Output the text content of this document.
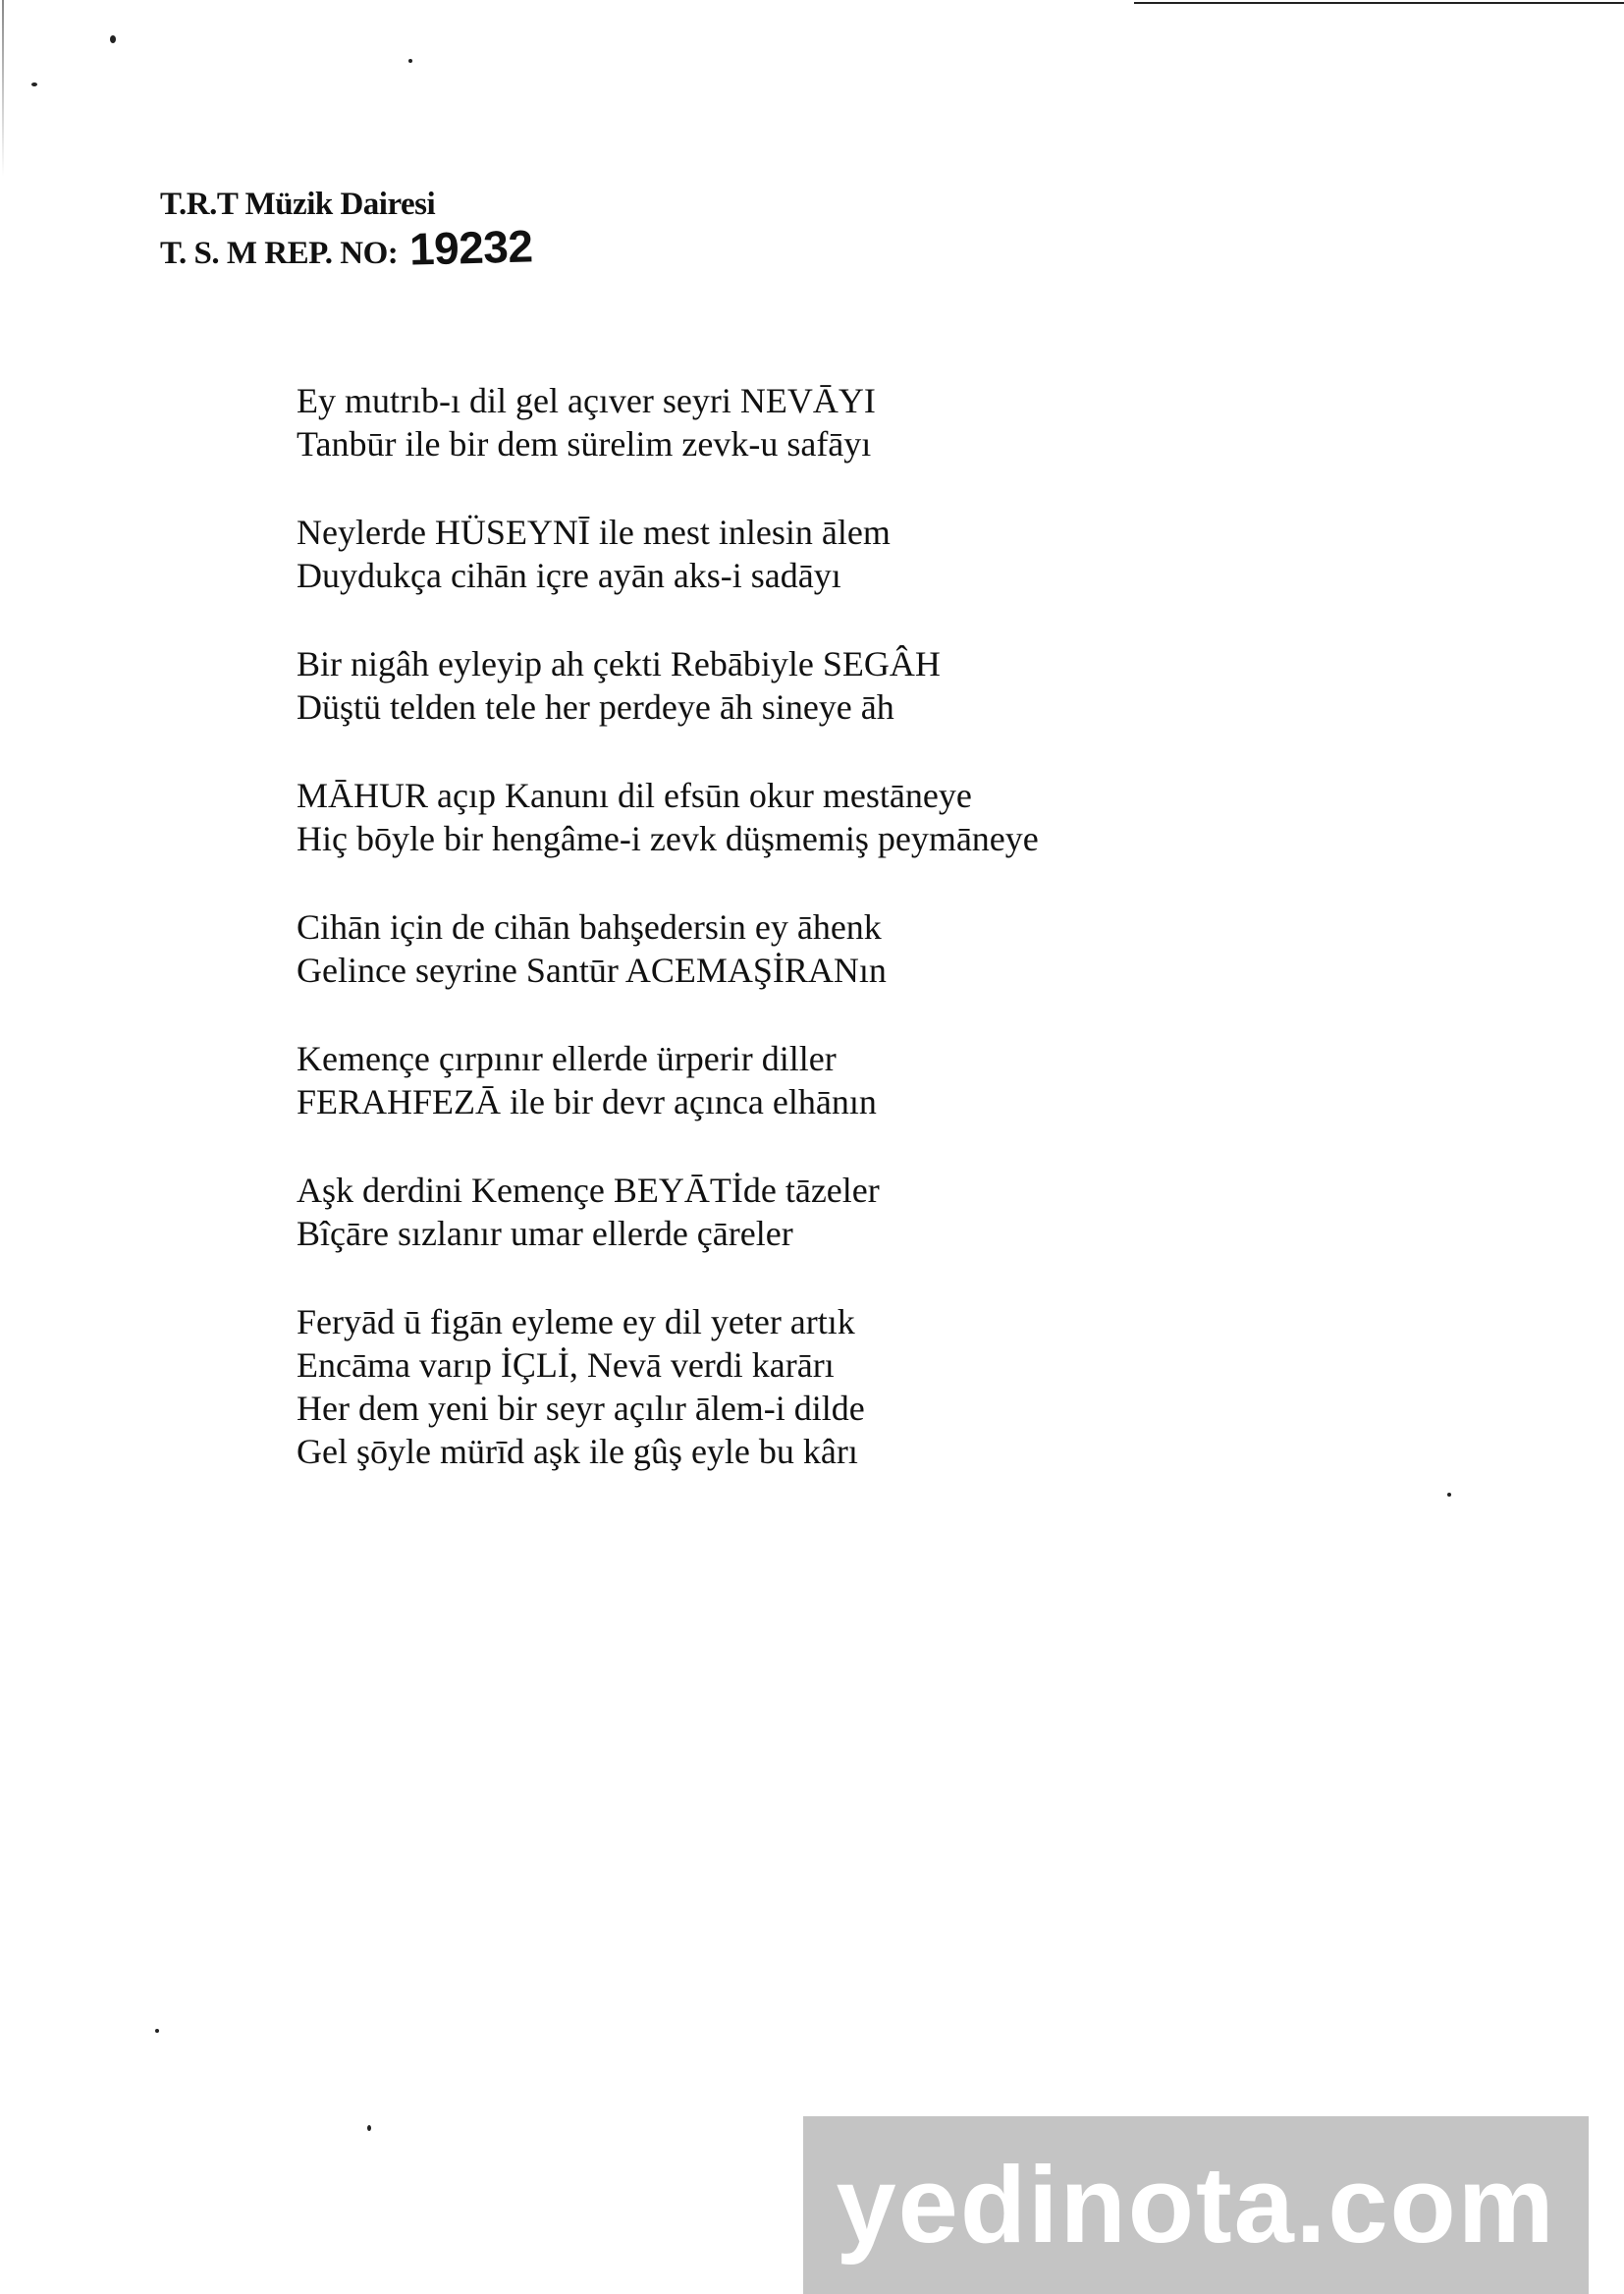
T.R.T Müzik Dairesi
T. S. M REP. NO: 19232
Ey mutrıb-ı dil gel açıver seyri NEVĀYI
Tanbūr ile bir dem sürelim zevk-u safāyı
Neylerde HÜSEYNĪ ile mest inlesin ālem
Duydukça cihān içre ayān aks-i sadāyı
Bir nigâh eyleyip ah çekti Rebābiyle SEGÂH
Düştü telden tele her perdeye āh sineye āh
MĀHUR açıp Kanunı dil efsūn okur mestāneye
Hiç bōyle bir hengâme-i zevk düşmemiş peymāneye
Cihān için de cihān bahşedersin ey āhenk
Gelince seyrine Santūr ACEMAŞİRANın
Kemençe çırpınır ellerde ürperir diller
FERAHFEZĀ ile bir devr açınca elhānın
Aşk derdini Kemençe BEYĀTİde tāzeler
Bîçāre sızlanır umar ellerde çāreler
Feryād ū figān eyleme ey dil yeter artık
Encāma varıp İÇLİ, Nevā verdi karārı
Her dem yeni bir seyr açılır ālem-i dilde
Gel şōyle mürīd aşk ile gûş eyle bu kârı
yedinota.com
